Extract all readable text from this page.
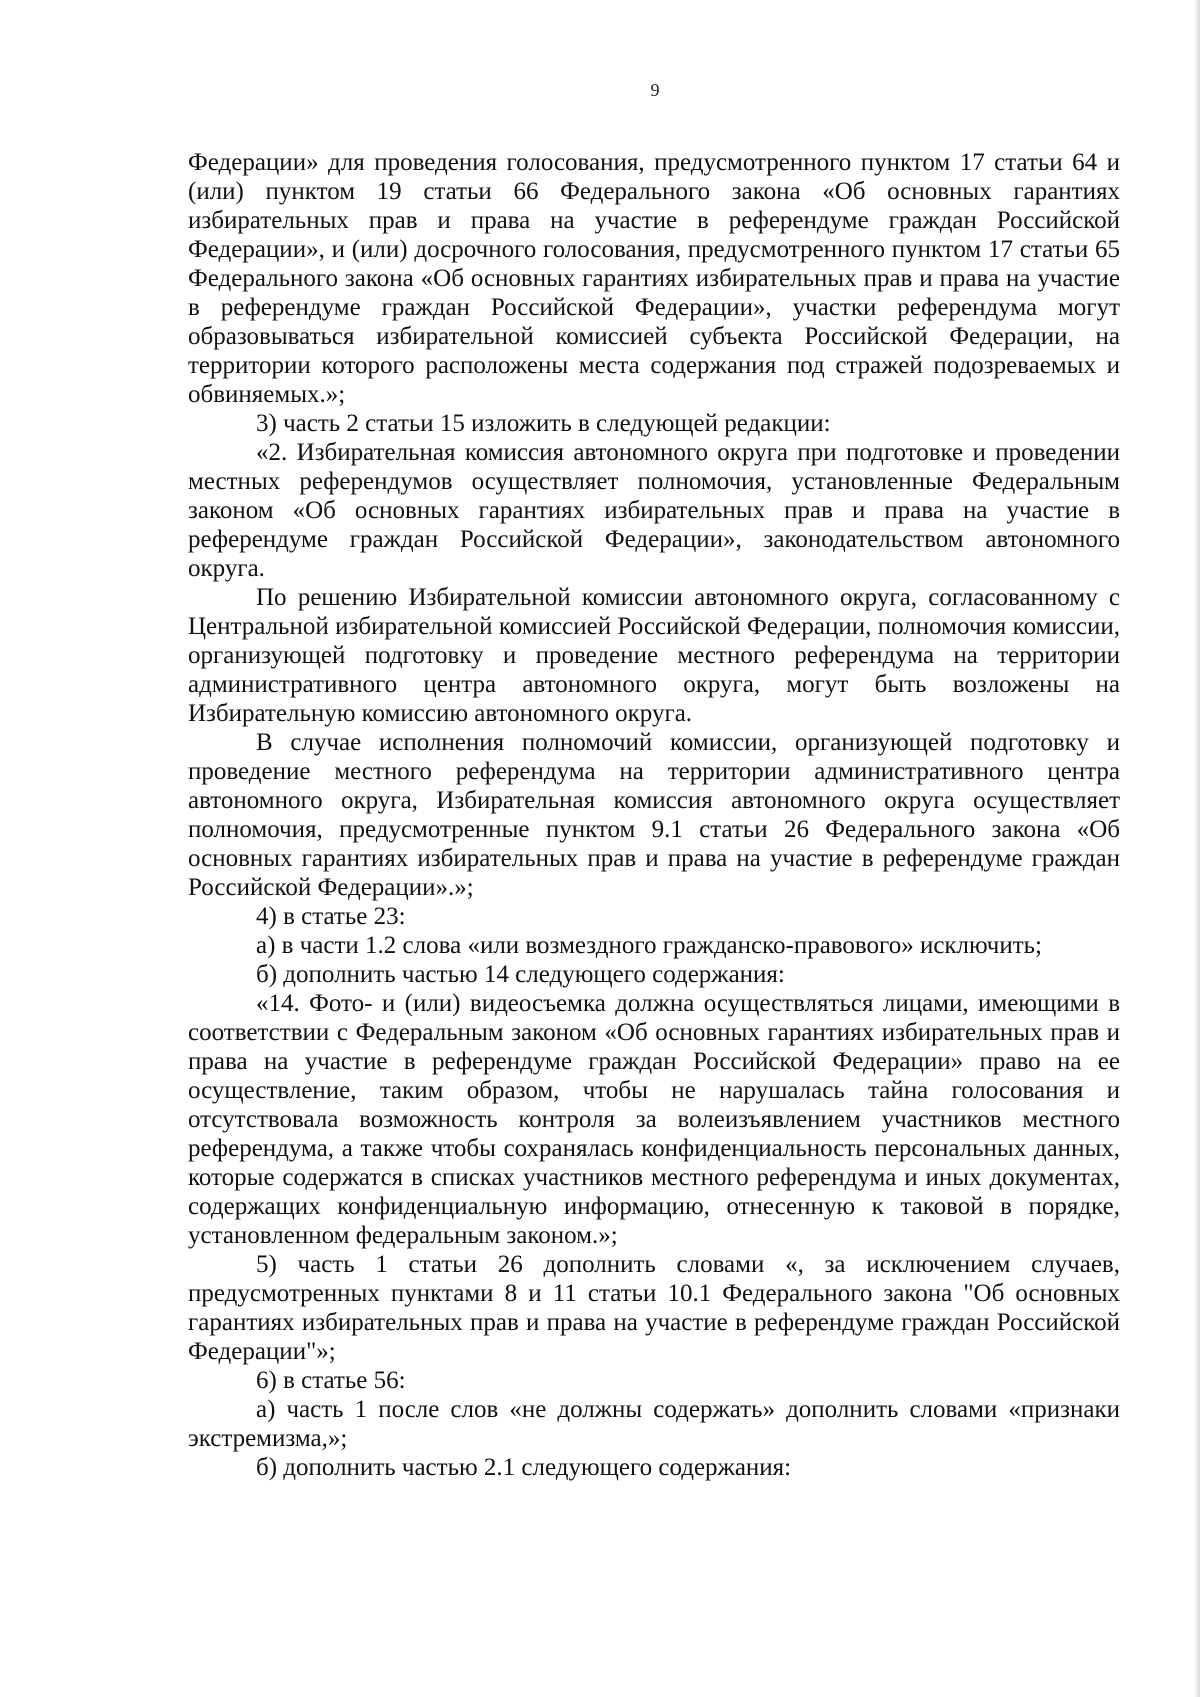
9

Федерации» для проведения голосования, предусмотренного пунктом 17 статьи 64 и (или) пунктом 19 статьи 66 Федерального закона «Об основных гарантиях избирательных прав и права на участие в референдуме граждан Российской Федерации», и (или) досрочного голосования, предусмотренного пунктом 17 статьи 65 Федерального закона «Об основных гарантиях избирательных прав и права на участие в референдуме граждан Российской Федерации», участки референдума могут образовываться избирательной комиссией субъекта Российской Федерации, на территории которого расположены места содержания под стражей подозреваемых и обвиняемых.»;

3) часть 2 статьи 15 изложить в следующей редакции:

«2. Избирательная комиссия автономного округа при подготовке и проведении местных референдумов осуществляет полномочия, установленные Федеральным законом «Об основных гарантиях избирательных прав и права на участие в референдуме граждан Российской Федерации», законодательством автономного округа.

По решению Избирательной комиссии автономного округа, согласованному с Центральной избирательной комиссией Российской Федерации, полномочия комиссии, организующей подготовку и проведение местного референдума на территории административного центра автономного округа, могут быть возложены на Избирательную комиссию автономного округа.

В случае исполнения полномочий комиссии, организующей подготовку и проведение местного референдума на территории административного центра автономного округа, Избирательная комиссия автономного округа осуществляет полномочия, предусмотренные пунктом 9.1 статьи 26 Федерального закона «Об основных гарантиях избирательных прав и права на участие в референдуме граждан Российской Федерации».»;

4) в статье 23:

а) в части 1.2 слова «или возмездного гражданско-правового» исключить;

б) дополнить частью 14 следующего содержания:

«14. Фото- и (или) видеосъемка должна осуществляться лицами, имеющими в соответствии с Федеральным законом «Об основных гарантиях избирательных прав и права на участие в референдуме граждан Российской Федерации» право на ее осуществление, таким образом, чтобы не нарушалась тайна голосования и отсутствовала возможность контроля за волеизъявлением участников местного референдума, а также чтобы сохранялась конфиденциальность персональных данных, которые содержатся в списках участников местного референдума и иных документах, содержащих конфиденциальную информацию, отнесенную к таковой в порядке, установленном федеральным законом.»;

5) часть 1 статьи 26 дополнить словами «, за исключением случаев, предусмотренных пунктами 8 и 11 статьи 10.1 Федерального закона "Об основных гарантиях избирательных прав и права на участие в референдуме граждан Российской Федерации"»;

6) в статье 56:

а) часть 1 после слов «не должны содержать» дополнить словами «признаки экстремизма,»;

б) дополнить частью 2.1 следующего содержания:
